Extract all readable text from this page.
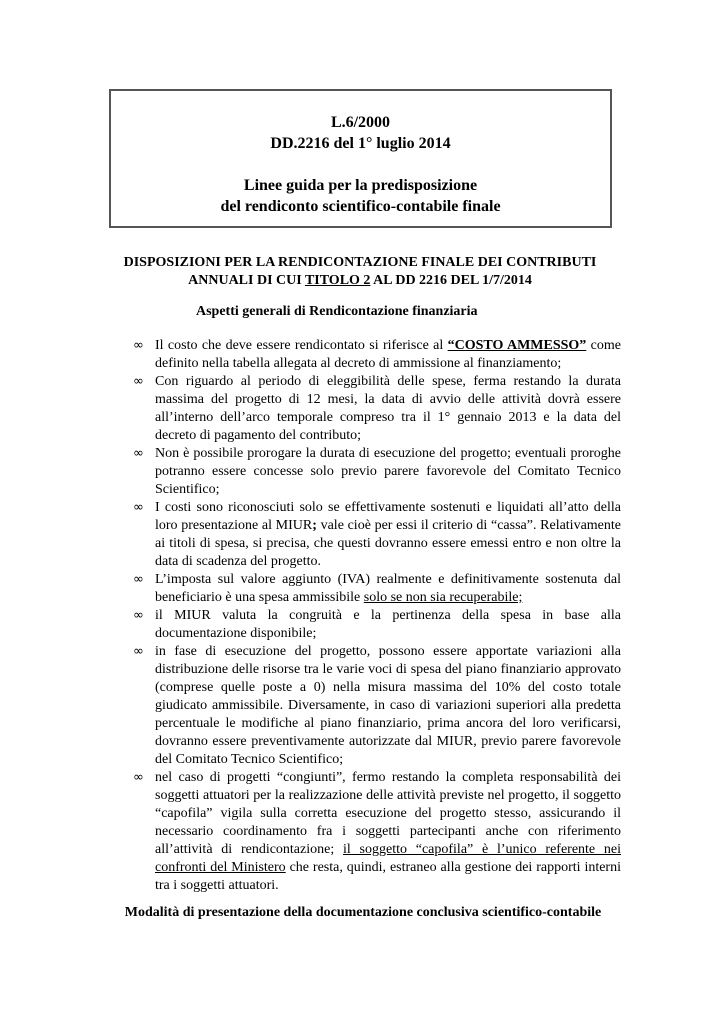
L.6/2000
DD.2216 del 1° luglio 2014
Linee guida per la predisposizione
del rendiconto scientifico-contabile finale
DISPOSIZIONI PER LA RENDICONTAZIONE FINALE DEI CONTRIBUTI
ANNUALI DI CUI TITOLO 2 AL DD 2216 DEL 1/7/2014
Aspetti generali di Rendicontazione finanziaria
∞ Il costo che deve essere rendicontato si riferisce al “COSTO AMMESSO” come definito nella tabella allegata al decreto di ammissione al finanziamento;
∞ Con riguardo al periodo di eleggibilità delle spese, ferma restando la durata massima del progetto di 12 mesi, la data di avvio delle attività dovrà essere all’interno dell’arco temporale compreso tra il 1° gennaio 2013 e la data del decreto di pagamento del contributo;
∞ Non è possibile prorogare la durata di esecuzione del progetto; eventuali proroghe potranno essere concesse solo previo parere favorevole del Comitato Tecnico Scientifico;
∞ I costi sono riconosciuti solo se effettivamente sostenuti e liquidati all’atto della loro presentazione al MIUR; vale cioè per essi il criterio di “cassa”. Relativamente ai titoli di spesa, si precisa, che questi dovranno essere emessi entro e non oltre la data di scadenza del progetto.
∞ L’imposta sul valore aggiunto (IVA) realmente e definitivamente sostenuta dal beneficiario è una spesa ammissibile solo se non sia recuperabile;
∞ il MIUR valuta la congruità e la pertinenza della spesa in base alla documentazione disponibile;
∞ in fase di esecuzione del progetto, possono essere apportate variazioni alla distribuzione delle risorse tra le varie voci di spesa del piano finanziario approvato (comprese quelle poste a 0) nella misura massima del 10% del costo totale giudicato ammissibile. Diversamente, in caso di variazioni superiori alla predetta percentuale le modifiche al piano finanziario, prima ancora del loro verificarsi, dovranno essere preventivamente autorizzate dal MIUR, previo parere favorevole del Comitato Tecnico Scientifico;
∞ nel caso di progetti “congiunti”, fermo restando la completa responsabilità dei soggetti attuatori per la realizzazione delle attività previste nel progetto, il soggetto “capofila” vigila sulla corretta esecuzione del progetto stesso, assicurando il necessario coordinamento fra i soggetti partecipanti anche con riferimento all’attività di rendicontazione; il soggetto “capofila” è l’unico referente nei confronti del Ministero che resta, quindi, estraneo alla gestione dei rapporti interni tra i soggetti attuatori.
Modalità di presentazione della documentazione conclusiva scientifico-contabile
